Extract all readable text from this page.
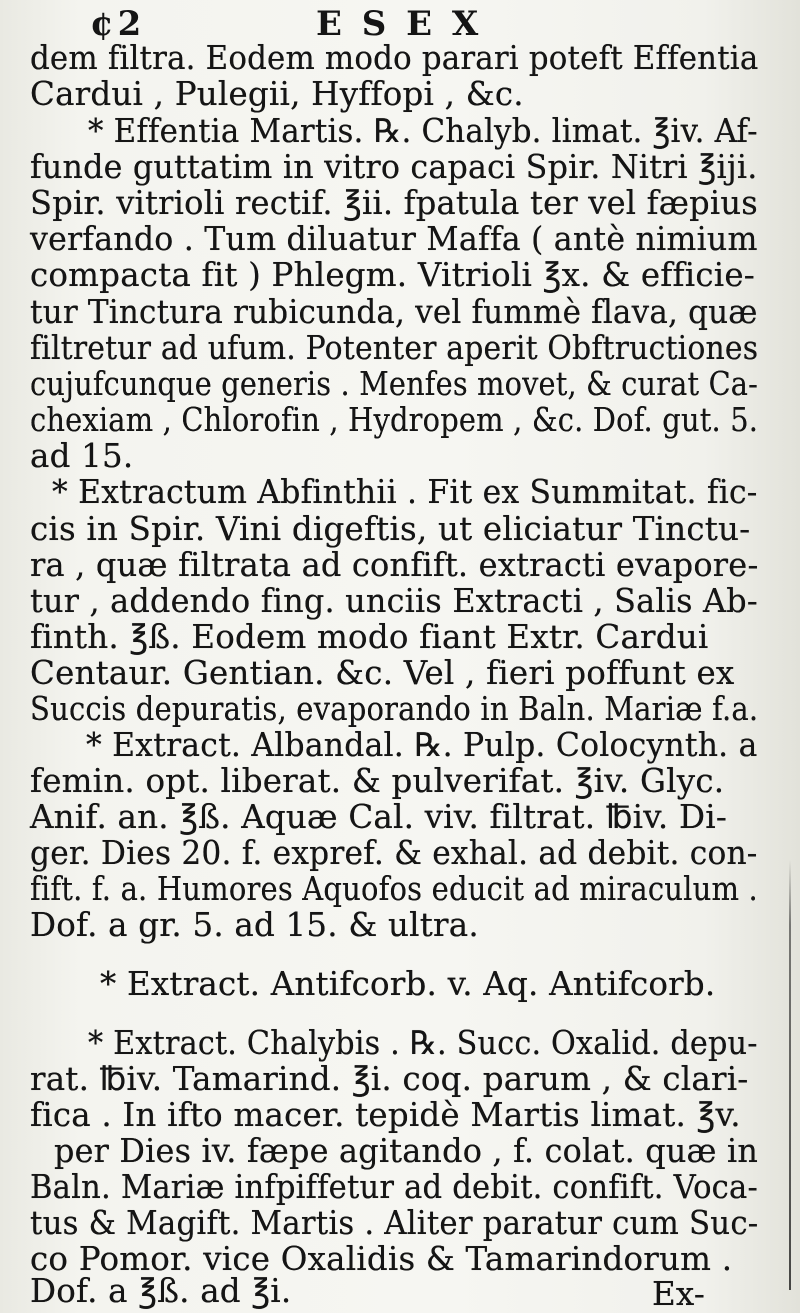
¢2	E S E X
dem filtra. Eodem modo parari poteft Effentia
Cardui , Pulegii, Hyffopi , &c.
* Effentia Martis. ℞. Chalyb. limat. ℥iv. Af-
funde guttatim in vitro capaci Spir. Nitri ℥iji.
Spir. vitrioli rectif. ℥ii. fpatula ter vel fæpius
verfando . Tum diluatur Maffa ( antè nimium
compacta fit ) Phlegm. Vitrioli ℥x. & efficie-
tur Tinctura rubicunda, vel fummè flava, quæ
filtretur ad ufum. Potenter aperit Obftructiones
cujufcunque generis . Menfes movet, & curat Ca-
chexiam , Chlorofin , Hydropem , &c. Dof. gut. 5.
ad 15.
* Extractum Abfinthii . Fit ex Summitat. fic-
cis in Spir. Vini digeftis, ut eliciatur Tinctu-
ra , quæ filtrata ad confift. extracti evapore-
tur , addendo fing. unciis Extracti , Salis Ab-
finth. ℥ß. Eodem modo fiant Extr. Cardui
Centaur. Gentian. &c. Vel , fieri poffunt ex
Succis depuratis, evaporando in Baln. Mariæ f.a.
* Extract. Albandal. ℞. Pulp. Colocynth. a
femin. opt. liberat. & pulverifat. ℥iv. Glyc.
Anif. an. ℥ß. Aquæ Cal. viv. filtrat. ℔iv. Di-
ger. Dies 20. f. expref. & exhal. ad debit. con-
fift. f. a. Humores Aquofos educit ad miraculum .
Dof. a gr. 5. ad 15. & ultra.
* Extract. Antifcorb. v. Aq. Antifcorb.
* Extract. Chalybis . ℞. Succ. Oxalid. depu-
rat. ℔iv. Tamarind. ℥i. coq. parum , & clari-
fica . In ifto macer. tepidè Martis limat. ℥v.
per Dies iv. fæpe agitando , f. colat. quæ in
Baln. Mariæ infpiffetur ad debit. confift. Voca-
tus & Magift. Martis . Aliter paratur cum Suc-
co Pomor. vice Oxalidis & Tamarindorum .
Dof. a ℥ß. ad ℥i.	Ex-
